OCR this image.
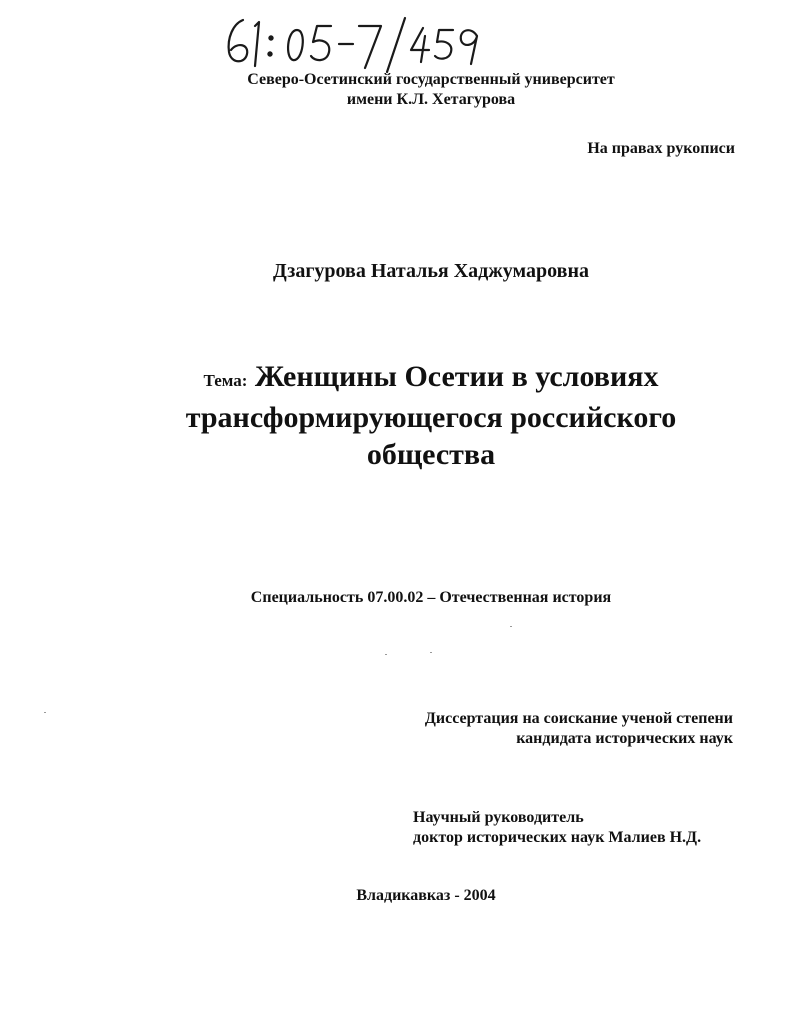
Северо-Осетинский государственный университет
имени К.Л. Хетагурова
На правах рукописи
Дзагурова Наталья Хаджумаровна
Тема: Женщины Осетии в условиях
трансформирующегося российского
общества
Специальность 07.00.02 – Отечественная история
Диссертация на соискание ученой степени
кандидата исторических наук
Научный руководитель
доктор исторических наук Малиев Н.Д.
Владикавказ - 2004
